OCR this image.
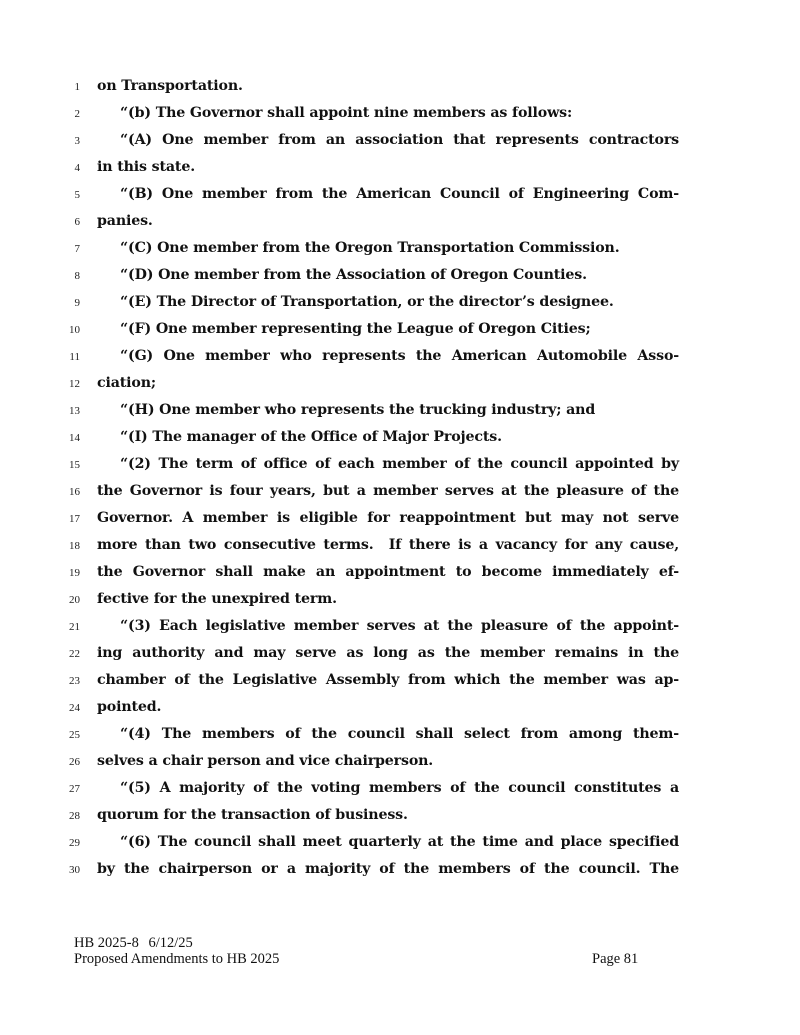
1 on Transportation.
2	“(b) The Governor shall appoint nine members as follows:
3	“(A) One member from an association that represents contractors
4 in this state.
5	“(B) One member from the American Council of Engineering Com-
6 panies.
7	“(C) One member from the Oregon Transportation Commission.
8	“(D) One member from the Association of Oregon Counties.
9	“(E) The Director of Transportation, or the director’s designee.
10	“(F) One member representing the League of Oregon Cities;
11	“(G) One member who represents the American Automobile Asso-
12 ciation;
13	“(H) One member who represents the trucking industry; and
14	“(I) The manager of the Office of Major Projects.
15	“(2) The term of office of each member of the council appointed by
16 the Governor is four years, but a member serves at the pleasure of the
17 Governor. A member is eligible for reappointment but may not serve
18 more than two consecutive terms.  If there is a vacancy for any cause,
19 the Governor shall make an appointment to become immediately ef-
20 fective for the unexpired term.
21	“(3) Each legislative member serves at the pleasure of the appoint-
22 ing authority and may serve as long as the member remains in the
23 chamber of the Legislative Assembly from which the member was ap-
24 pointed.
25	“(4) The members of the council shall select from among them-
26 selves a chair person and vice chairperson.
27	“(5) A majority of the voting members of the council constitutes a
28 quorum for the transaction of business.
29	“(6) The council shall meet quarterly at the time and place specified
30 by the chairperson or a majority of the members of the council. The
HB 2025-8 6/12/25
Proposed Amendments to HB 2025	Page 81
